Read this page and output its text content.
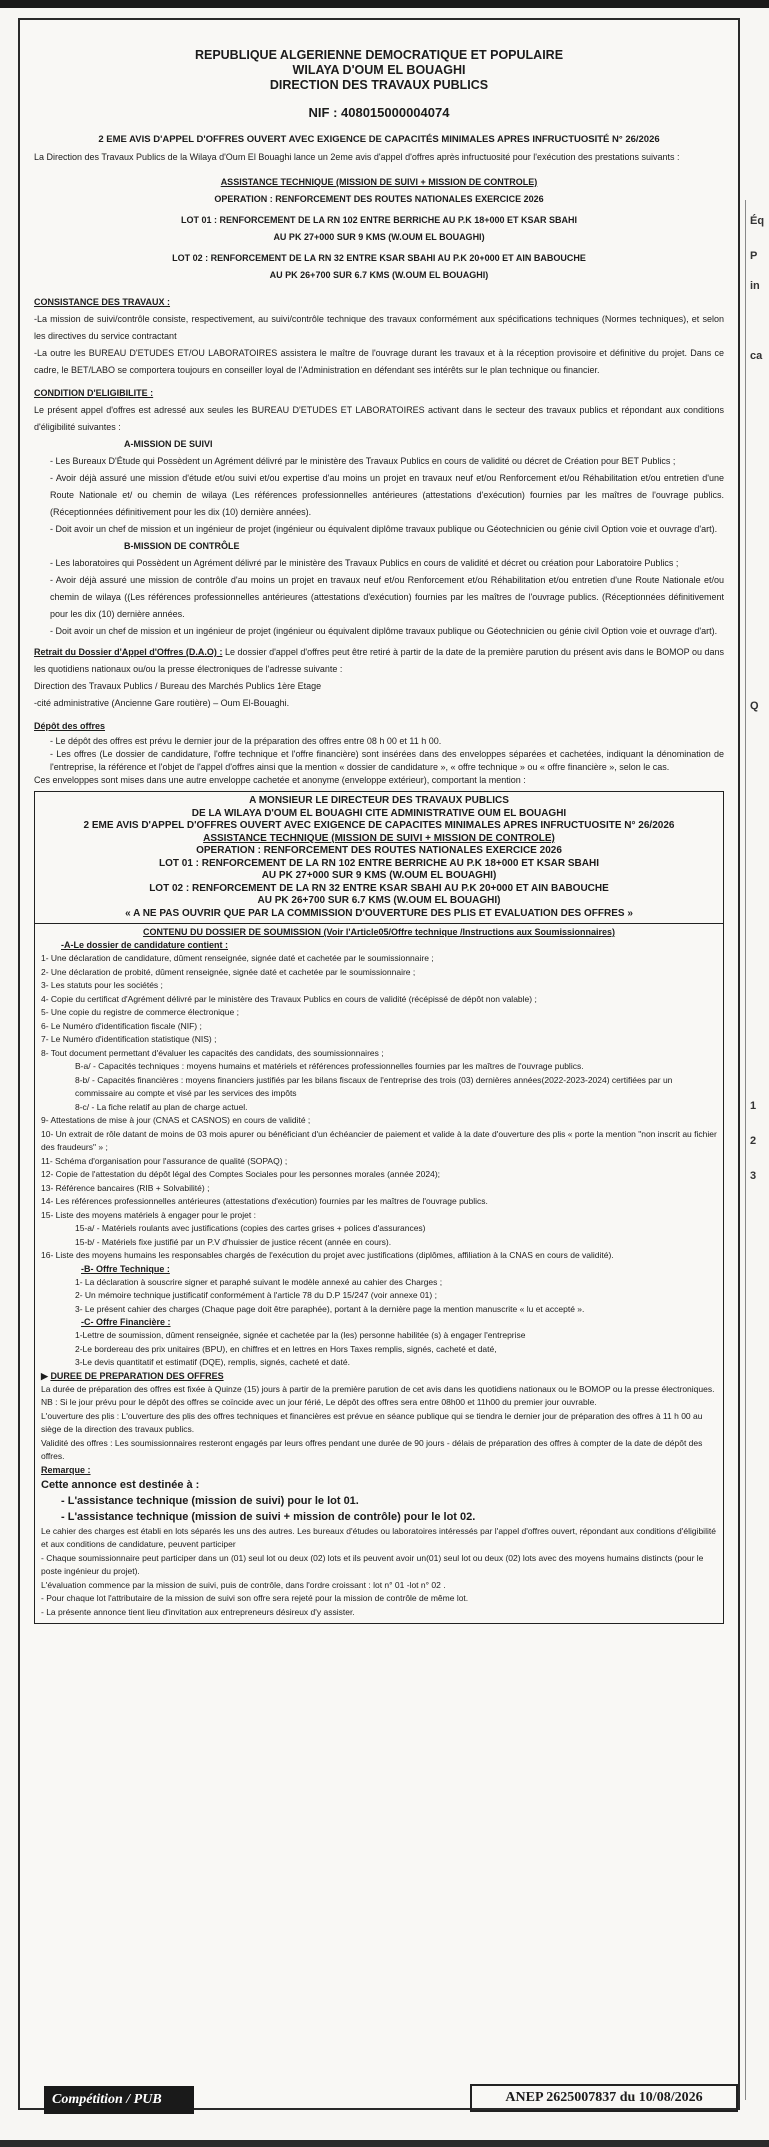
Éq
P
in
ca
Q
1
2
3
REPUBLIQUE ALGERIENNE DEMOCRATIQUE ET POPULAIRE
WILAYA D'OUM EL BOUAGHI
DIRECTION DES TRAVAUX PUBLICS
NIF : 408015000004074
2 EME AVIS D'APPEL D'OFFRES OUVERT AVEC EXIGENCE DE CAPACITÉS MINIMALES APRES INFRUCTUOSITÉ N° 26/2026

La Direction des Travaux Publics de la Wilaya d'Oum El Bouaghi lance un 2eme avis d'appel d'offres après infructuosité pour l'exécution des prestations suivants :

ASSISTANCE TECHNIQUE (MISSION DE SUIVI + MISSION DE CONTROLE)
OPERATION : RENFORCEMENT DES ROUTES NATIONALES EXERCICE 2026
LOT 01 : RENFORCEMENT DE LA RN 102 ENTRE BERRICHE AU P.K 18+000 ET KSAR SBAHI
AU PK 27+000 SUR 9 KMS (W.OUM EL BOUAGHI)
LOT 02 : RENFORCEMENT DE LA RN 32 ENTRE KSAR SBAHI AU P.K 20+000 ET AIN BABOUCHE
AU PK 26+700 SUR 6.7 KMS (W.OUM EL BOUAGHI)
CONSISTANCE DES TRAVAUX :

-La mission de suivi/contrôle consiste, respectivement, au suivi/contrôle technique des travaux conformément aux spécifications techniques (Normes techniques), et selon les directives du service contractant

-La outre les BUREAU D'ETUDES ET/OU LABORATOIRES assistera le maître de l'ouvrage durant les travaux et à la réception provisoire et définitive du projet. Dans ce cadre, le BET/LABO se comportera toujours en conseiller loyal de l'Administration en défendant ses intérêts sur le plan technique ou financier.

CONDITION D'ELIGIBILITE :

Le présent appel d'offres est adressé aux seules les BUREAU D'ETUDES ET LABORATOIRES activant dans le secteur des travaux publics et répondant aux conditions d'éligibilité suivantes :

A-MISSION DE SUIVI

- Les Bureaux D'Étude qui Possèdent un Agrément délivré par le ministère des Travaux Publics en cours de validité ou décret de Création pour BET Publics ;

- Avoir déjà assuré une mission d'étude et/ou suivi et/ou expertise d'au moins un projet en travaux neuf et/ou Renforcement et/ou Réhabilitation et/ou entretien d'une Route Nationale et/ ou chemin de wilaya (Les références professionnelles antérieures (attestations d'exécution) fournies par les maîtres de l'ouvrage publics. (Réceptionnées définitivement pour les dix (10) dernière années).

- Doit avoir un chef de mission et un ingénieur de projet (ingénieur ou équivalent diplôme travaux publique ou Géotechnicien ou génie civil Option voie et ouvrage d'art).

B-MISSION DE CONTRÔLE

- Les laboratoires qui Possèdent un Agrément délivré par le ministère des Travaux Publics en cours de validité et décret ou création pour Laboratoire Publics ;

- Avoir déjà assuré une mission de contrôle d'au moins un projet en travaux neuf et/ou Renforcement et/ou Réhabilitation et/ou entretien d'une Route Nationale et/ou chemin de wilaya ((Les références professionnelles antérieures (attestations d'exécution) fournies par les maîtres de l'ouvrage publics. (Réceptionnées définitivement pour les dix (10) dernière années.

- Doit avoir un chef de mission et un ingénieur de projet (ingénieur ou équivalent diplôme travaux publique ou Géotechnicien ou génie civil Option voie et ouvrage d'art).

Retrait du Dossier d'Appel d'Offres (D.A.O) : Le dossier d'appel d'offres peut être retiré à partir de la date de la première parution du présent avis dans le BOMOP ou dans les quotidiens nationaux ou/ou la presse électroniques de l'adresse suivante :

Direction des Travaux Publics / Bureau des Marchés Publics 1ère Etage

-cité administrative (Ancienne Gare routière) – Oum El-Bouaghi.

Dépôt des offres

- Le dépôt des offres est prévu le dernier jour de la préparation des offres entre 08 h 00 et 11 h 00.

- Les offres (Le dossier de candidature, l'offre technique et l'offre financière) sont insérées dans des enveloppes séparées et cachetées, indiquant la dénomination de l'entreprise, la référence et l'objet de l'appel d'offres ainsi que la mention « dossier de candidature », « offre technique » ou « offre financière », selon le cas.

Ces enveloppes sont mises dans une autre enveloppe cachetée et anonyme (enveloppe extérieur), comportant la mention :

A MONSIEUR LE DIRECTEUR DES TRAVAUX PUBLICS
DE LA WILAYA D'OUM EL BOUAGHI CITE ADMINISTRATIVE OUM EL BOUAGHI
2 EME AVIS D'APPEL D'OFFRES OUVERT AVEC EXIGENCE DE CAPACITES MINIMALES APRES INFRUCTUOSITE N° 26/2026
ASSISTANCE TECHNIQUE (MISSION DE SUIVI + MISSION DE CONTROLE)
OPERATION : RENFORCEMENT DES ROUTES NATIONALES EXERCICE 2026
LOT 01 : RENFORCEMENT DE LA RN 102 ENTRE BERRICHE AU P.K 18+000 ET KSAR SBAHI
AU PK 27+000 SUR 9 KMS (W.OUM EL BOUAGHI)
LOT 02 : RENFORCEMENT DE LA RN 32 ENTRE KSAR SBAHI AU P.K 20+000 ET AIN BABOUCHE
AU PK 26+700 SUR 6.7 KMS (W.OUM EL BOUAGHI)
« A NE PAS OUVRIR QUE PAR LA COMMISSION D'OUVERTURE DES PLIS ET EVALUATION DES OFFRES »
CONTENU DU DOSSIER DE SOUMISSION (Voir l'Article05/Offre technique /Instructions aux Soumissionnaires)
-A-Le dossier de candidature contient :
1- Une déclaration de candidature, dûment renseignée, signée daté et cachetée par le soumissionnaire ;
2- Une déclaration de probité, dûment renseignée, signée daté et cachetée par le soumissionnaire ;
3- Les statuts pour les sociétés ;
4- Copie du certificat d'Agrément délivré par le ministère des Travaux Publics en cours de validité (récépissé de dépôt non valable) ;
5- Une copie du registre de commerce électronique ;
6- Le Numéro d'identification fiscale (NIF) ;
7- Le Numéro d'identification statistique (NIS) ;
8- Tout document permettant d'évaluer les capacités des candidats, des soumissionnaires ;
B-a/ - Capacités techniques : moyens humains et matériels et références professionnelles fournies par les maîtres de l'ouvrage publics.
8-b/ - Capacités financières : moyens financiers justifiés par les bilans fiscaux de l'entreprise des trois (03) dernières années(2022-2023-2024) certifiées par un commissaire au compte et visé par les services des impôts
8-c/ - La fiche relatif au plan de charge actuel.
9- Attestations de mise à jour (CNAS et CASNOS) en cours de validité ;
10- Un extrait de rôle datant de moins de 03 mois apurer ou bénéficiant d'un échéancier de paiement et valide à la date d'ouverture des plis « porte la mention "non inscrit au fichier des fraudeurs" » ;
11- Schéma d'organisation pour l'assurance de qualité (SOPAQ) ;
12- Copie de l'attestation du dépôt légal des Comptes Sociales pour les personnes morales (année 2024);
13- Référence bancaires (RIB + Solvabilité) ;
14- Les références professionnelles antérieures (attestations d'exécution) fournies par les maîtres de l'ouvrage publics.
15- Liste des moyens matériels à engager pour le projet :
15-a/ - Matériels roulants avec justifications (copies des cartes grises + polices d'assurances)
15-b/ - Matériels fixe justifié par un P.V d'huissier de justice récent (année en cours).
16- Liste des moyens humains les responsables chargés de l'exécution du projet avec justifications (diplômes, affiliation à la CNAS en cours de validité).
-B- Offre Technique :
1- La déclaration à souscrire signer et paraphé suivant le modèle annexé au cahier des Charges ;
2- Un mémoire technique justificatif conformément à l'article 78 du D.P 15/247 (voir annexe 01) ;
3- Le présent cahier des charges (Chaque page doit être paraphée), portant à la dernière page la mention manuscrite « lu et accepté ».
-C- Offre Financière :
1-Lettre de soumission, dûment renseignée, signée et cachetée par la (les) personne habilitée (s) à engager l'entreprise
2-Le bordereau des prix unitaires (BPU), en chiffres et en lettres en Hors Taxes remplis, signés, cacheté et daté,
3-Le devis quantitatif et estimatif (DQE), remplis, signés, cacheté et daté.
▶ DUREE DE PREPARATION DES OFFRES
La durée de préparation des offres est fixée à Quinze (15) jours à partir de la première parution de cet avis dans les quotidiens nationaux ou le BOMOP ou la presse électroniques.
NB : Si le jour prévu pour le dépôt des offres se coïncide avec un jour férié, Le dépôt des offres sera entre 08h00 et 11h00 du premier jour ouvrable.
L'ouverture des plis : L'ouverture des plis des offres techniques et financières est prévue en séance publique qui se tiendra le dernier jour de préparation des offres à 11 h 00 au siège de la direction des travaux publics.
Validité des offres : Les soumissionnaires resteront engagés par leurs offres pendant une durée de 90 jours - délais de préparation des offres à compter de la date de dépôt des offres.
Remarque :
Cette annonce est destinée à :
- L'assistance technique (mission de suivi) pour le lot 01.
- L'assistance technique (mission de suivi + mission de contrôle) pour le lot 02.
Le cahier des charges est établi en lots séparés les uns des autres. Les bureaux d'études ou laboratoires intéressés par l'appel d'offres ouvert, répondant aux conditions d'éligibilité et aux conditions de candidature, peuvent participer
- Chaque soumissionnaire peut participer dans un (01) seul lot ou deux (02) lots et ils peuvent avoir un(01) seul lot ou deux (02) lots avec des moyens humains distincts (pour le poste ingénieur du projet).
L'évaluation commence par la mission de suivi, puis de contrôle, dans l'ordre croissant : lot n° 01 -lot n° 02 .
- Pour chaque lot l'attributaire de la mission de suivi son offre sera rejeté pour la mission de contrôle de même lot.
- La présente annonce tient lieu d'invitation aux entrepreneurs désireux d'y assister.
Compétition / PUB	ANEP 2625007837 du 10/08/2026
